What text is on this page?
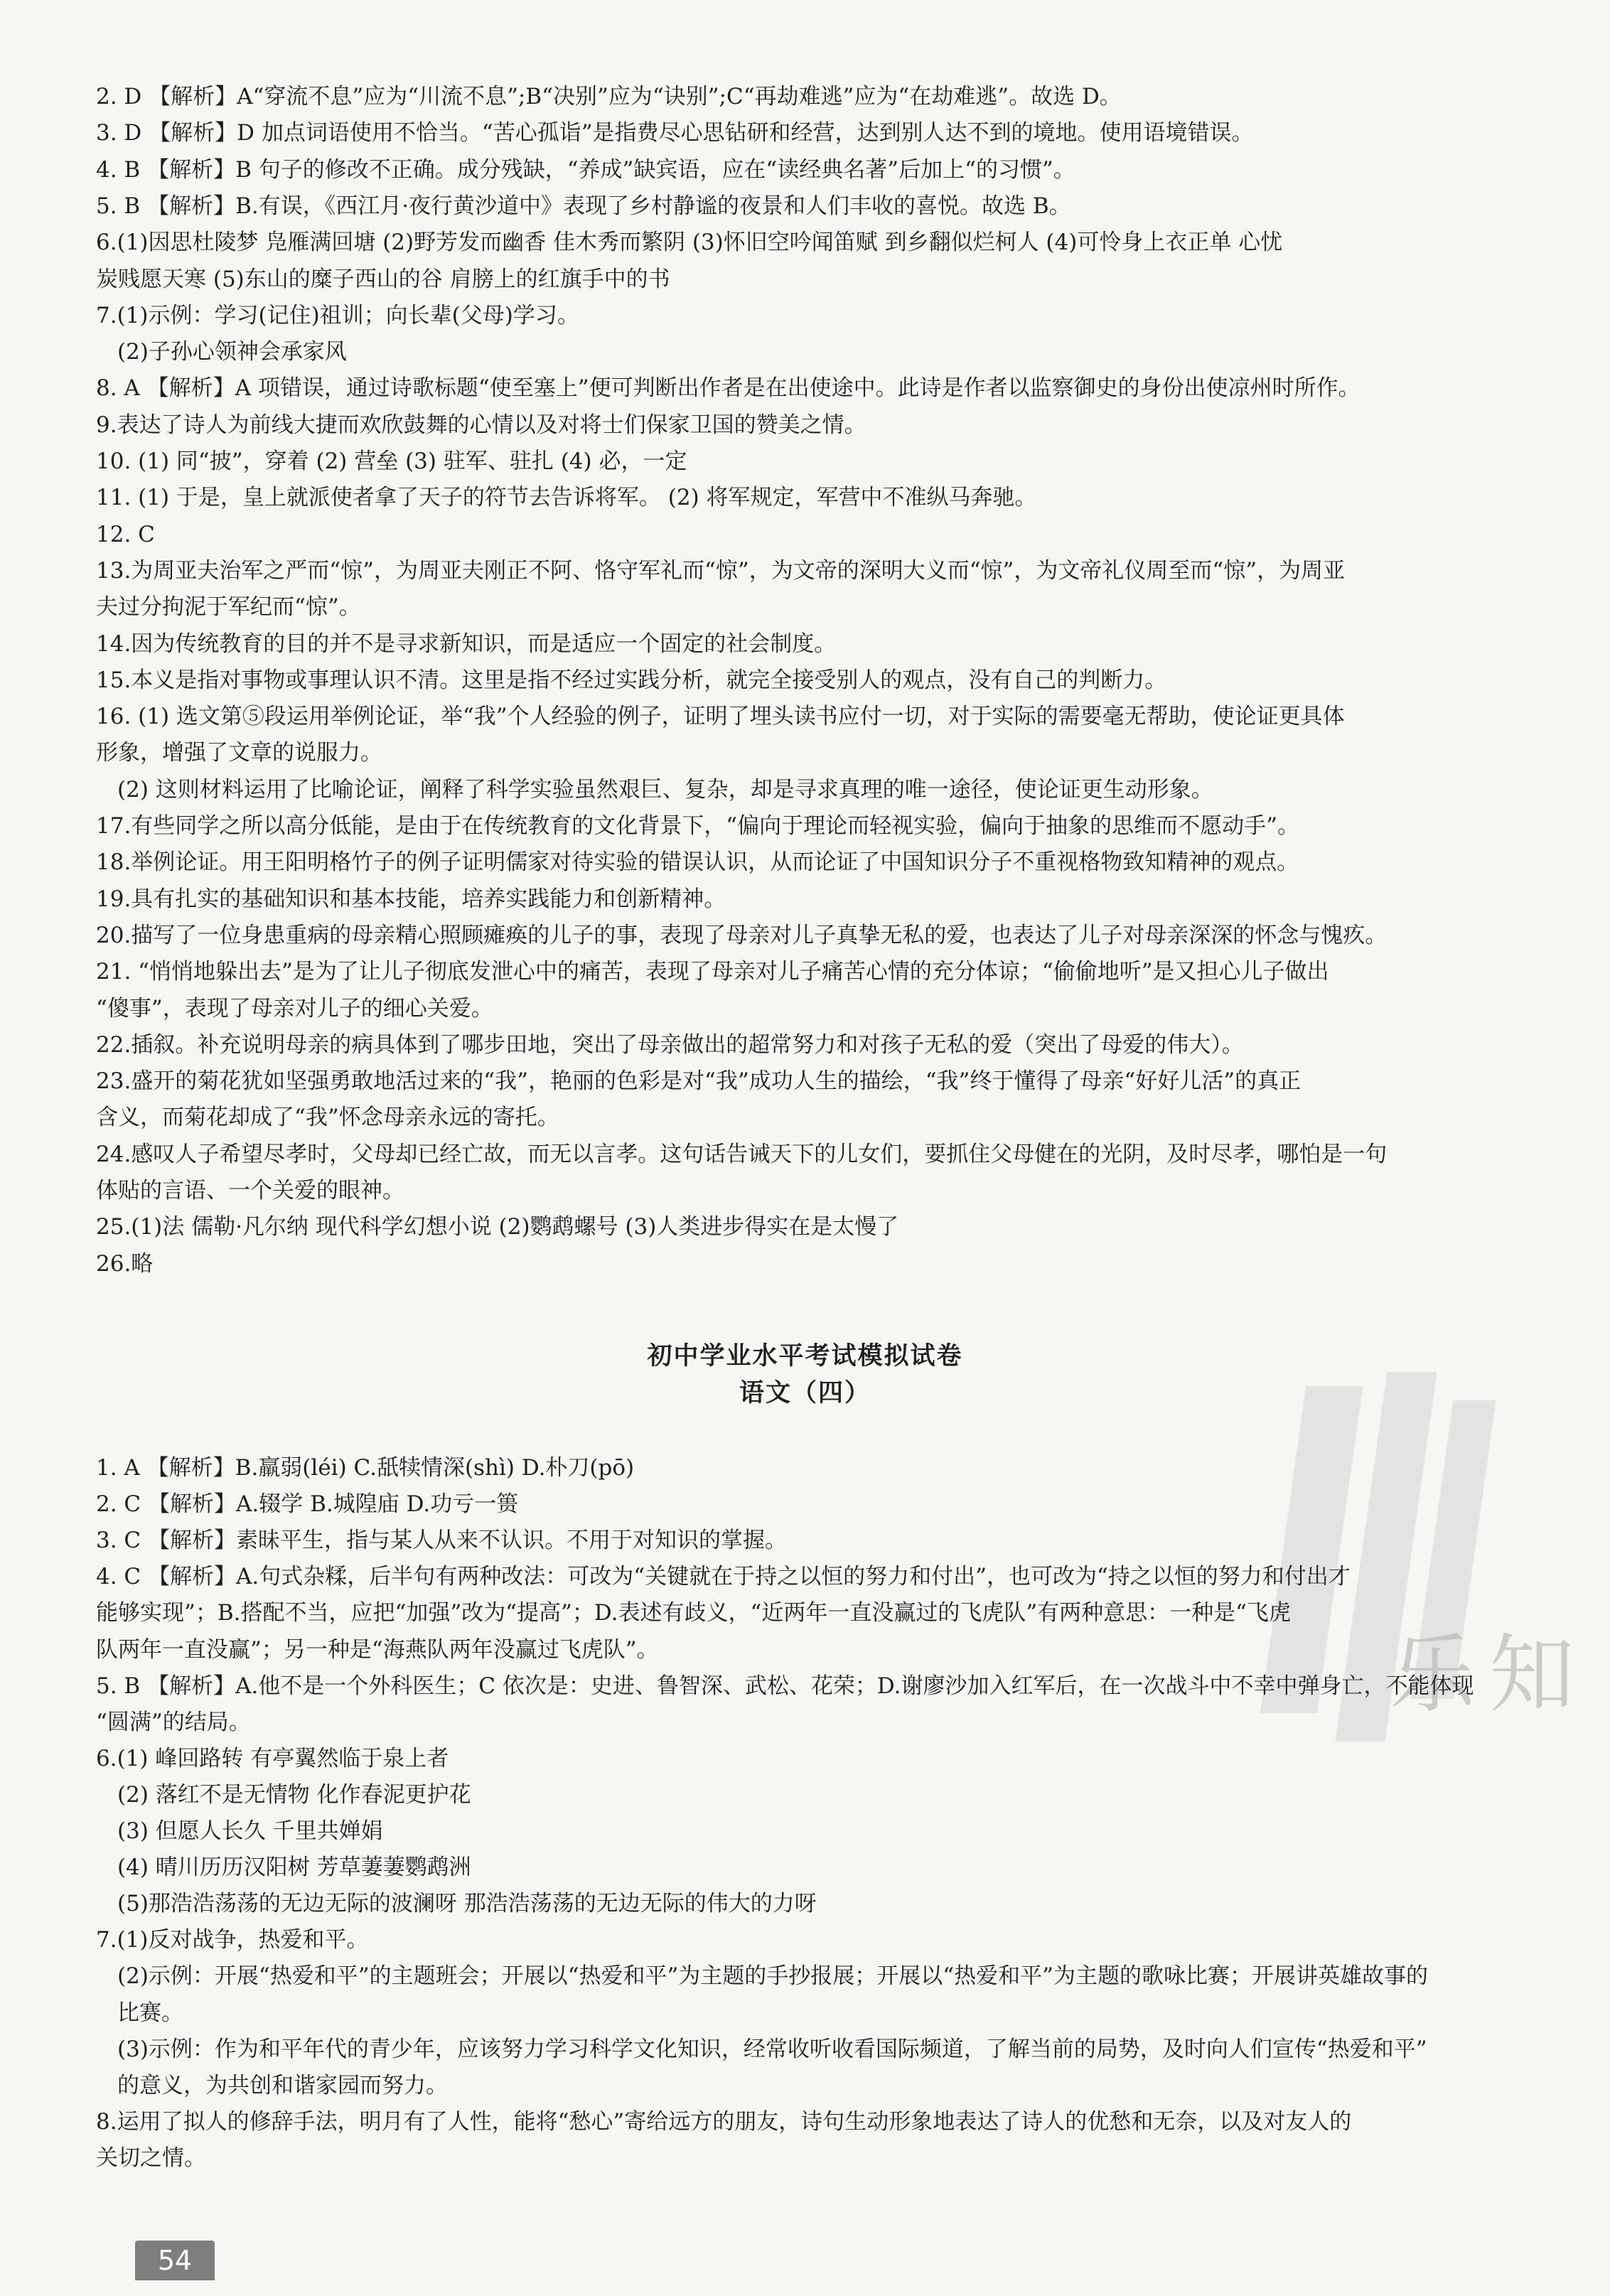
乐知
2. D 【解析】A“穿流不息”应为“川流不息”;B“决别”应为“诀别”;C“再劫难逃”应为“在劫难逃”。故选 D。
3. D 【解析】D 加点词语使用不恰当。“苦心孤诣”是指费尽心思钻研和经营，达到别人达不到的境地。使用语境错误。
4. B 【解析】B 句子的修改不正确。成分残缺，“养成”缺宾语，应在“读经典名著”后加上“的习惯”。
5. B 【解析】B.有误，《西江月·夜行黄沙道中》表现了乡村静谧的夜景和人们丰收的喜悦。故选 B。
6.(1)因思杜陵梦 凫雁满回塘 (2)野芳发而幽香 佳木秀而繁阴 (3)怀旧空吟闻笛赋 到乡翻似烂柯人 (4)可怜身上衣正单 心忧
炭贱愿天寒 (5)东山的糜子西山的谷 肩膀上的红旗手中的书
7.(1)示例：学习(记住)祖训；向长辈(父母)学习。
(2)子孙心领神会承家风
8. A 【解析】A 项错误，通过诗歌标题“使至塞上”便可判断出作者是在出使途中。此诗是作者以监察御史的身份出使凉州时所作。
9.表达了诗人为前线大捷而欢欣鼓舞的心情以及对将士们保家卫国的赞美之情。
10. (1) 同“披”，穿着 (2) 营垒 (3) 驻军、驻扎 (4) 必，一定
11. (1) 于是，皇上就派使者拿了天子的符节去告诉将军。 (2) 将军规定，军营中不准纵马奔驰。
12. C
13.为周亚夫治军之严而“惊”，为周亚夫刚正不阿、恪守军礼而“惊”，为文帝的深明大义而“惊”，为文帝礼仪周至而“惊”，为周亚
夫过分拘泥于军纪而“惊”。
14.因为传统教育的目的并不是寻求新知识，而是适应一个固定的社会制度。
15.本义是指对事物或事理认识不清。这里是指不经过实践分析，就完全接受别人的观点，没有自己的判断力。
16. (1) 选文第⑤段运用举例论证，举“我”个人经验的例子，证明了埋头读书应付一切，对于实际的需要毫无帮助，使论证更具体
形象，增强了文章的说服力。
(2) 这则材料运用了比喻论证，阐释了科学实验虽然艰巨、复杂，却是寻求真理的唯一途径，使论证更生动形象。
17.有些同学之所以高分低能，是由于在传统教育的文化背景下，“偏向于理论而轻视实验，偏向于抽象的思维而不愿动手”。
18.举例论证。用王阳明格竹子的例子证明儒家对待实验的错误认识，从而论证了中国知识分子不重视格物致知精神的观点。
19.具有扎实的基础知识和基本技能，培养实践能力和创新精神。
20.描写了一位身患重病的母亲精心照顾瘫痪的儿子的事，表现了母亲对儿子真挚无私的爱，也表达了儿子对母亲深深的怀念与愧疚。
21. “悄悄地躲出去”是为了让儿子彻底发泄心中的痛苦，表现了母亲对儿子痛苦心情的充分体谅；“偷偷地听”是又担心儿子做出
“傻事”，表现了母亲对儿子的细心关爱。
22.插叙。补充说明母亲的病具体到了哪步田地，突出了母亲做出的超常努力和对孩子无私的爱（突出了母爱的伟大）。
23.盛开的菊花犹如坚强勇敢地活过来的“我”，艳丽的色彩是对“我”成功人生的描绘，“我”终于懂得了母亲“好好儿活”的真正
含义，而菊花却成了“我”怀念母亲永远的寄托。
24.感叹人子希望尽孝时，父母却已经亡故，而无以言孝。这句话告诫天下的儿女们，要抓住父母健在的光阴，及时尽孝，哪怕是一句
体贴的言语、一个关爱的眼神。
25.(1)法 儒勒·凡尔纳 现代科学幻想小说 (2)鹦鹉螺号 (3)人类进步得实在是太慢了
26.略
初中学业水平考试模拟试卷
语文（四）
1. A 【解析】B.羸弱(léi) C.舐犊情深(shì) D.朴刀(pō)
2. C 【解析】A.辍学 B.城隍庙 D.功亏一篑
3. C 【解析】素昧平生，指与某人从来不认识。不用于对知识的掌握。
4. C 【解析】A.句式杂糅，后半句有两种改法：可改为“关键就在于持之以恒的努力和付出”，也可改为“持之以恒的努力和付出才
能够实现”；B.搭配不当，应把“加强”改为“提高”；D.表述有歧义，“近两年一直没赢过的飞虎队”有两种意思：一种是“飞虎
队两年一直没赢”；另一种是“海燕队两年没赢过飞虎队”。
5. B 【解析】A.他不是一个外科医生；C 依次是：史进、鲁智深、武松、花荣；D.谢廖沙加入红军后，在一次战斗中不幸中弹身亡，不能体现
“圆满”的结局。
6.(1) 峰回路转 有亭翼然临于泉上者
(2) 落红不是无情物 化作春泥更护花
(3) 但愿人长久 千里共婵娟
(4) 晴川历历汉阳树 芳草萋萋鹦鹉洲
(5)那浩浩荡荡的无边无际的波澜呀 那浩浩荡荡的无边无际的伟大的力呀
7.(1)反对战争，热爱和平。
(2)示例：开展“热爱和平”的主题班会；开展以“热爱和平”为主题的手抄报展；开展以“热爱和平”为主题的歌咏比赛；开展讲英雄故事的
比赛。
(3)示例：作为和平年代的青少年，应该努力学习科学文化知识，经常收听收看国际频道，了解当前的局势，及时向人们宣传“热爱和平”
的意义，为共创和谐家园而努力。
8.运用了拟人的修辞手法，明月有了人性，能将“愁心”寄给远方的朋友，诗句生动形象地表达了诗人的优愁和无奈，以及对友人的
关切之情。
54
